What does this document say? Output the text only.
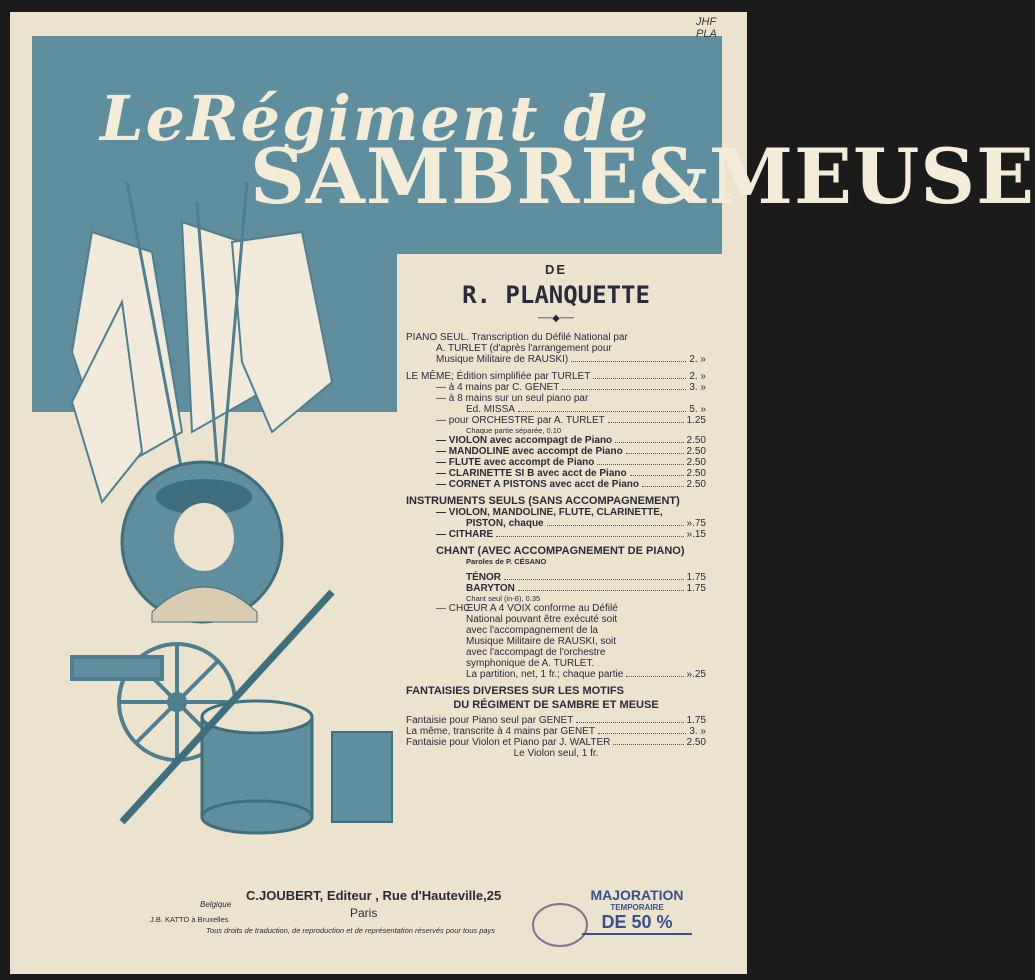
JHF
PLA
LeRégiment de
SAMBRE&MEUSE
DE
R. PLANQUETTE
──◆──
PIANO SEUL. Transcription du Défilé National par
A. TURLET (d'après l'arrangement pour
Musique Militaire de RAUSKI)	2. »
LE MÊME; Édition simplifiée par TURLET	2. »
— à 4 mains par C. GENET	3. »
— à 8 mains sur un seul piano par
Ed. MISSA	5. »
— pour ORCHESTRE par A. TURLET	1.25
Chaque partie séparée, 0.10
— VIOLON avec accompagt de Piano	2.50
— MANDOLINE avec accompt de Piano	2.50
— FLUTE avec accompt de Piano	2.50
— CLARINETTE SI B avec acct de Piano	2.50
— CORNET A PISTONS avec acct de Piano	2.50
INSTRUMENTS SEULS (SANS ACCOMPAGNEMENT)
— VIOLON, MANDOLINE, FLUTE, CLARINETTE,
PISTON, chaque	».75
— CITHARE	».15
CHANT (AVEC ACCOMPAGNEMENT DE PIANO)
Paroles de P. CÉSANO
TÉNOR	1.75
BARYTON	1.75
Chant seul (in-8), 0.35
— CHŒUR A 4 VOIX conforme au Défilé
National pouvant être exécuté soit
avec l'accompagnement de la
Musique Militaire de RAUSKI, soit
avec l'accompagt de l'orchestre
symphonique de A. TURLET.
La partition, net, 1 fr.; chaque partie	».25
FANTAISIES DIVERSES SUR LES MOTIFS
DU RÉGIMENT DE SAMBRE ET MEUSE
Fantaisie pour Piano seul par GENET	1.75
La même, transcrite à 4 mains par GENET	3. »
Fantaisie pour Violon et Piano par J. WALTER	2.50
Le Violon seul, 1 fr.
C.JOUBERT, Editeur , Rue d'Hauteville,25
Paris
Belgique
J.B. KATTO à Bruxelles
Tous droits de traduction, de reproduction et de représentation réservés pour tous pays
MAJORATION
TEMPORAIRE
DE 50 %
